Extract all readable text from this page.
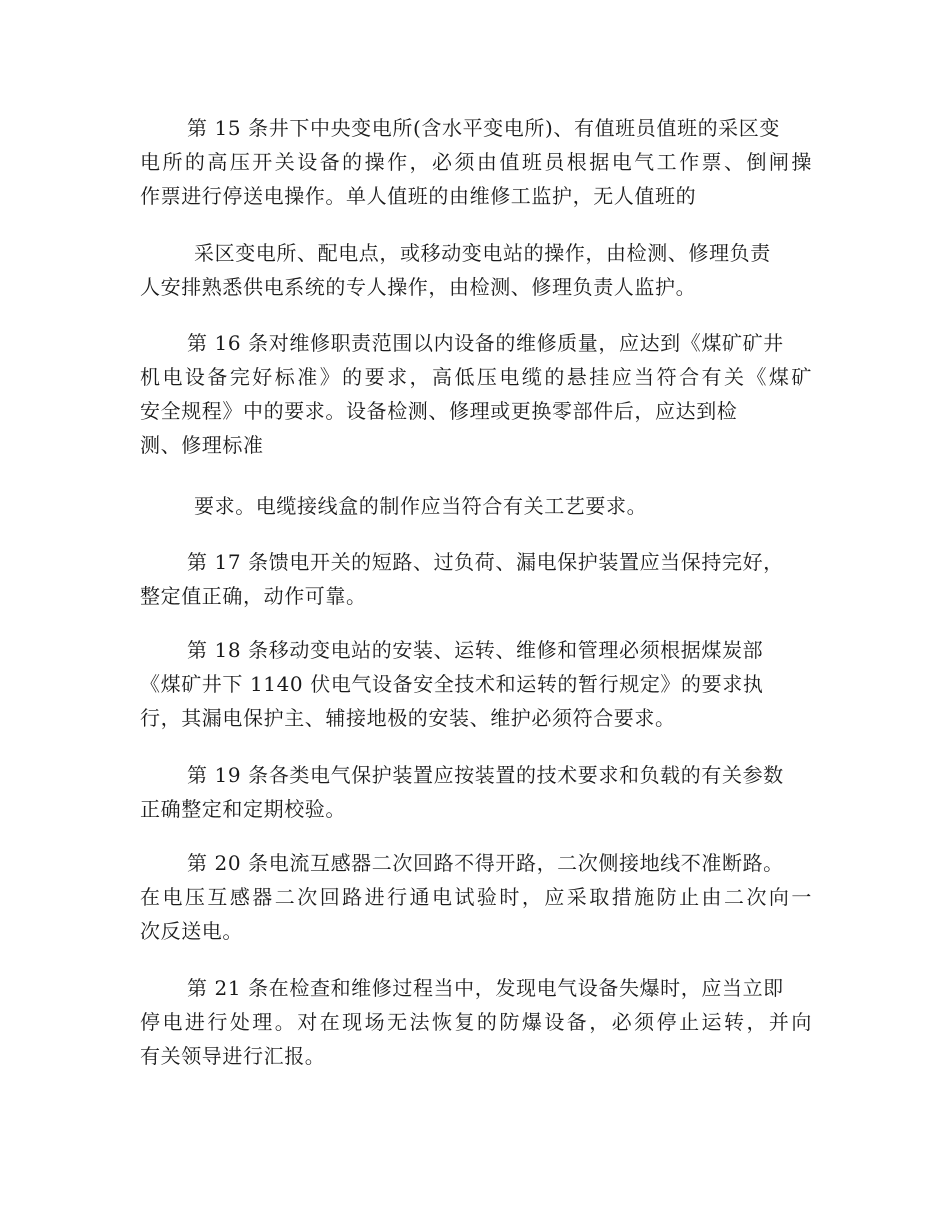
第 15 条井下中央变电所(含水平变电所)、有值班员值班的采区变
电所的高压开关设备的操作，必须由值班员根据电气工作票、倒闸操
作票进行停送电操作。单人值班的由维修工监护，无人值班的
采区变电所、配电点，或移动变电站的操作，由检测、修理负责
人安排熟悉供电系统的专人操作，由检测、修理负责人监护。
第 16 条对维修职责范围以内设备的维修质量，应达到《煤矿矿井
机电设备完好标准》的要求，高低压电缆的悬挂应当符合有关《煤矿
安全规程》中的要求。设备检测、修理或更换零部件后，应达到检
测、修理标准
要求。电缆接线盒的制作应当符合有关工艺要求。
第 17 条馈电开关的短路、过负荷、漏电保护装置应当保持完好，
整定值正确，动作可靠。
第 18 条移动变电站的安装、运转、维修和管理必须根据煤炭部
《煤矿井下 1140 伏电气设备安全技术和运转的暂行规定》的要求执
行，其漏电保护主、辅接地极的安装、维护必须符合要求。
第 19 条各类电气保护装置应按装置的技术要求和负载的有关参数
正确整定和定期校验。
第 20 条电流互感器二次回路不得开路，二次侧接地线不准断路。
在电压互感器二次回路进行通电试验时，应采取措施防止由二次向一
次反送电。
第 21 条在检查和维修过程当中，发现电气设备失爆时，应当立即
停电进行处理。对在现场无法恢复的防爆设备，必须停止运转，并向
有关领导进行汇报。
